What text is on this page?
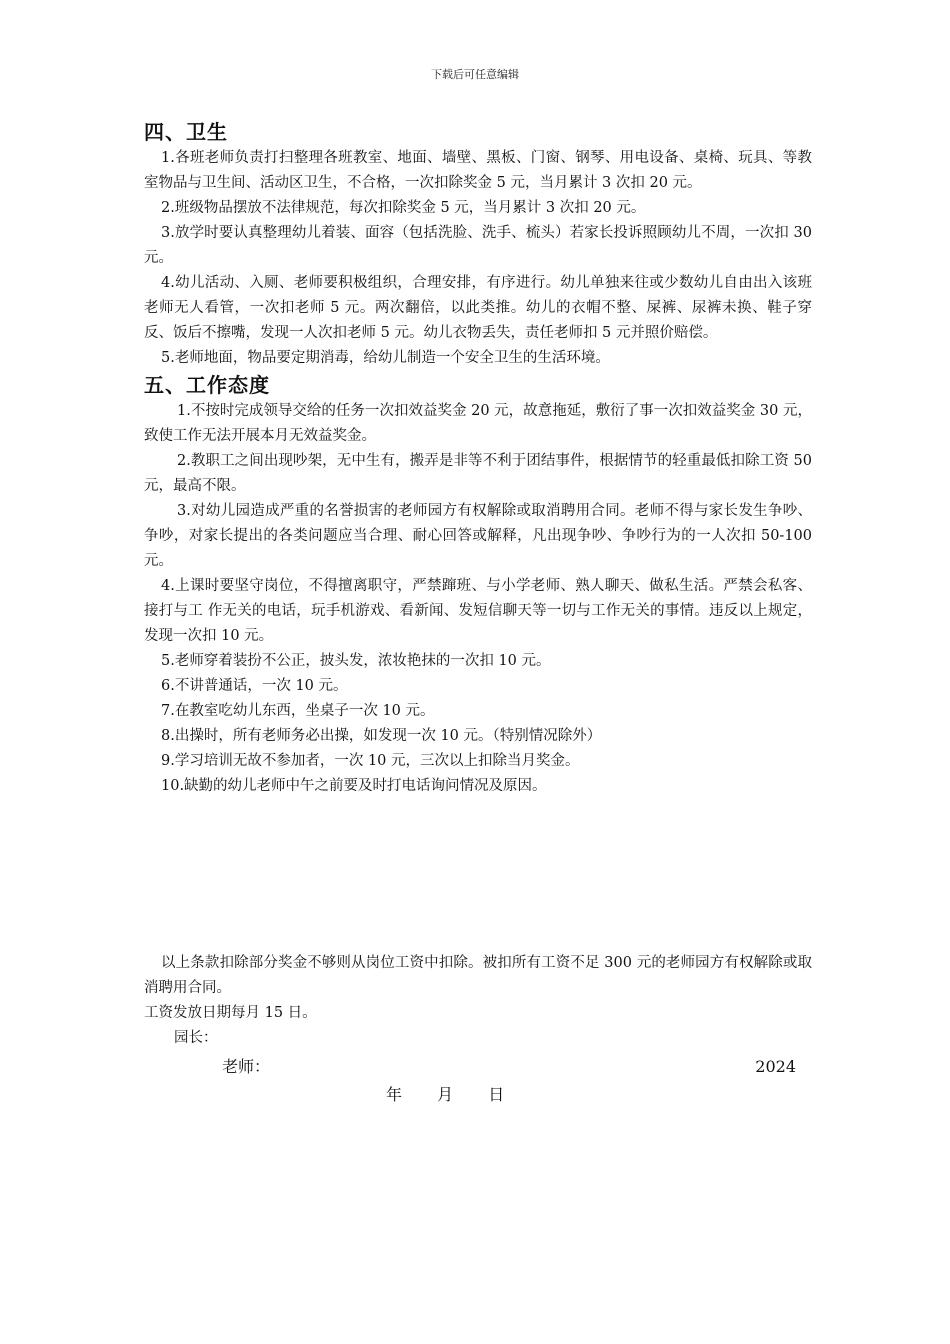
下载后可任意编辑
四、卫生

1.各班老师负责打扫整理各班教室、地面、墙壁、黑板、门窗、钢琴、用电设备、桌椅、玩具、等教室物品与卫生间、活动区卫生，不合格，一次扣除奖金 5 元，当月累计 3 次扣 20 元。

2.班级物品摆放不法律规范，每次扣除奖金 5 元，当月累计 3 次扣 20 元。

3.放学时要认真整理幼儿着装、面容（包括洗脸、洗手、梳头）若家长投诉照顾幼儿不周，一次扣 30 元。

4.幼儿活动、入厕、老师要积极组织，合理安排，有序进行。幼儿单独来往或少数幼儿自由出入该班老师无人看管，一次扣老师 5 元。两次翻倍，以此类推。幼儿的衣帽不整、屎裤、尿裤未换、鞋子穿反、饭后不擦嘴，发现一人次扣老师 5 元。幼儿衣物丢失，责任老师扣 5 元并照价赔偿。

5.老师地面，物品要定期消毒，给幼儿制造一个安全卫生的生活环境。

五、工作态度

1.不按时完成领导交给的任务一次扣效益奖金 20 元，故意拖延，敷衍了事一次扣效益奖金 30 元，致使工作无法开展本月无效益奖金。

2.教职工之间出现吵架，无中生有，搬弄是非等不利于团结事件，根据情节的轻重最低扣除工资 50 元，最高不限。

3.对幼儿园造成严重的名誉损害的老师园方有权解除或取消聘用合同。老师不得与家长发生争吵、争吵，对家长提出的各类问题应当合理、耐心回答或解释，凡出现争吵、争吵行为的一人次扣 50-100 元。

4.上课时要坚守岗位，不得擅离职守，严禁蹿班、与小学老师、熟人聊天、做私生活。严禁会私客、接打与工 作无关的电话，玩手机游戏、看新闻、发短信聊天等一切与工作无关的事情。违反以上规定，发现一次扣 10 元。

5.老师穿着装扮不公正，披头发，浓妆艳抹的一次扣 10 元。

6.不讲普通话，一次 10 元。

7.在教室吃幼儿东西，坐桌子一次 10 元。

8.出操时，所有老师务必出操，如发现一次 10 元。（特别情况除外）

9.学习培训无故不参加者，一次 10 元，三次以上扣除当月奖金。

10.缺勤的幼儿老师中午之前要及时打电话询问情况及原因。

以上条款扣除部分奖金不够则从岗位工资中扣除。被扣所有工资不足 300 元的老师园方有权解除或取消聘用合同。

工资发放日期每月 15 日。

园长：
老师：	2024
年 月 日
